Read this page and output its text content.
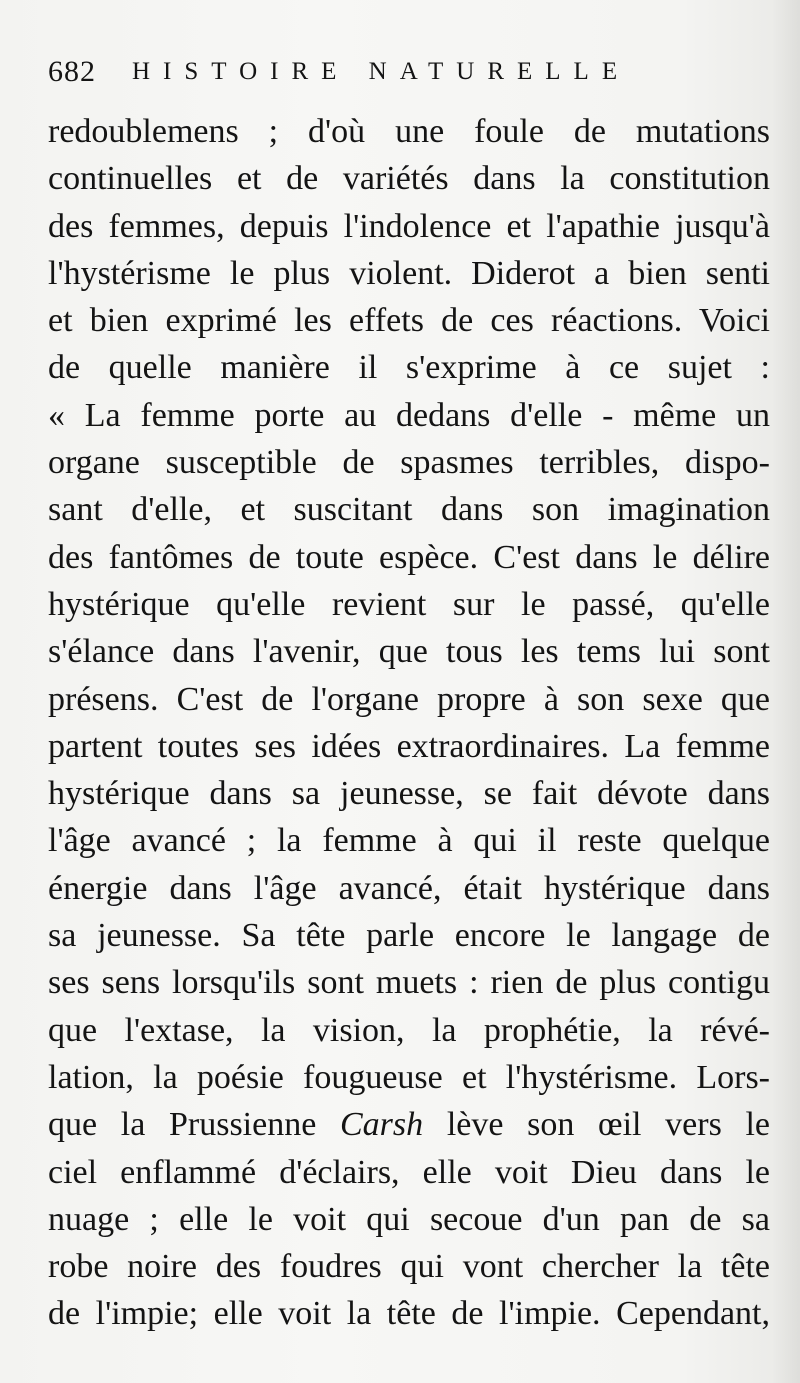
682 HISTOIRE NATURELLE
redoublemens ; d'où une foule de mutations
continuelles et de variétés dans la constitution
des femmes, depuis l'indolence et l'apathie jusqu'à
l'hystérisme le plus violent. Diderot a bien senti
et bien exprimé les effets de ces réactions. Voici
de quelle manière il s'exprime à ce sujet :
« La femme porte au dedans d'elle - même un
organe susceptible de spasmes terribles, dispo-
sant d'elle, et suscitant dans son imagination
des fantômes de toute espèce. C'est dans le délire
hystérique qu'elle revient sur le passé, qu'elle
s'élance dans l'avenir, que tous les tems lui sont
présens. C'est de l'organe propre à son sexe que
partent toutes ses idées extraordinaires. La femme
hystérique dans sa jeunesse, se fait dévote dans
l'âge avancé ; la femme à qui il reste quelque
énergie dans l'âge avancé, était hystérique dans
sa jeunesse. Sa tête parle encore le langage de
ses sens lorsqu'ils sont muets : rien de plus contigu
que l'extase, la vision, la prophétie, la révé-
lation, la poésie fougueuse et l'hystérisme. Lors-
que la Prussienne Carsh lève son œil vers le
ciel enflammé d'éclairs, elle voit Dieu dans le
nuage ; elle le voit qui secoue d'un pan de sa
robe noire des foudres qui vont chercher la tête
de l'impie; elle voit la tête de l'impie. Cependant,
